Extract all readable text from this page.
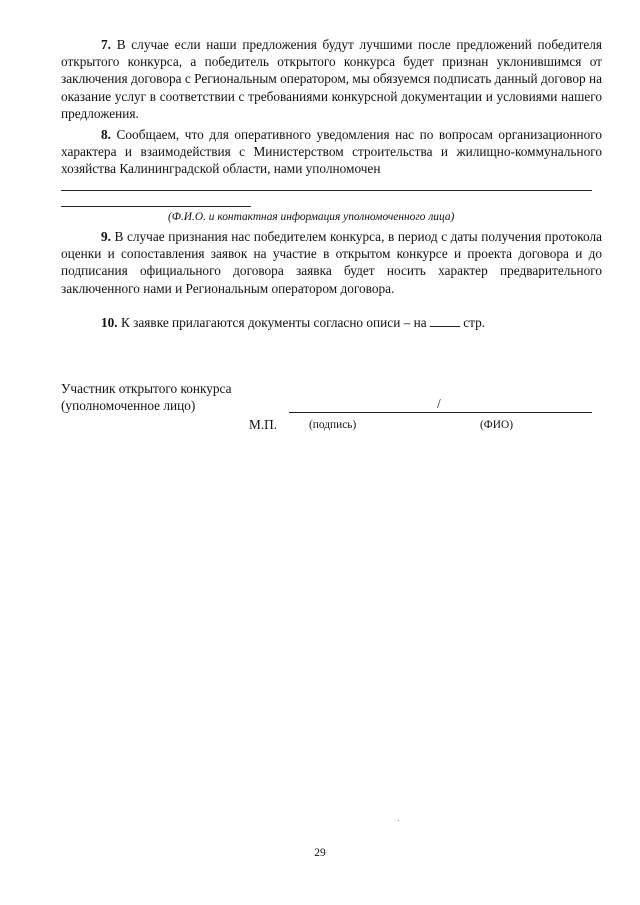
7. В случае если наши предложения будут лучшими после предложений победителя открытого конкурса, а победитель открытого конкурса будет признан уклонившимся от заключения договора с Региональным оператором, мы обязуемся подписать данный договор на оказание услуг в соответствии с требованиями конкурсной документации и условиями нашего предложения.

8. Сообщаем, что для оперативного уведомления нас по вопросам организационного характера и взаимодействия с Министерством строительства и жилищно-коммунального хозяйства Калининградской области, нами уполномочен

(Ф.И.О. и контактная информация уполномоченного лица)

9. В случае признания нас победителем конкурса, в период с даты получения протокола оценки и сопоставления заявок на участие в открытом конкурсе и проекта договора и до подписания официального договора заявка будет носить характер предварительного заключенного нами и Региональным оператором договора.

10. К заявке прилагаются документы согласно описи – на  стр.

Участник открытого конкурса

(уполномоченное лицо)	/

М.П.	(подпись)	(ФИО)

29
